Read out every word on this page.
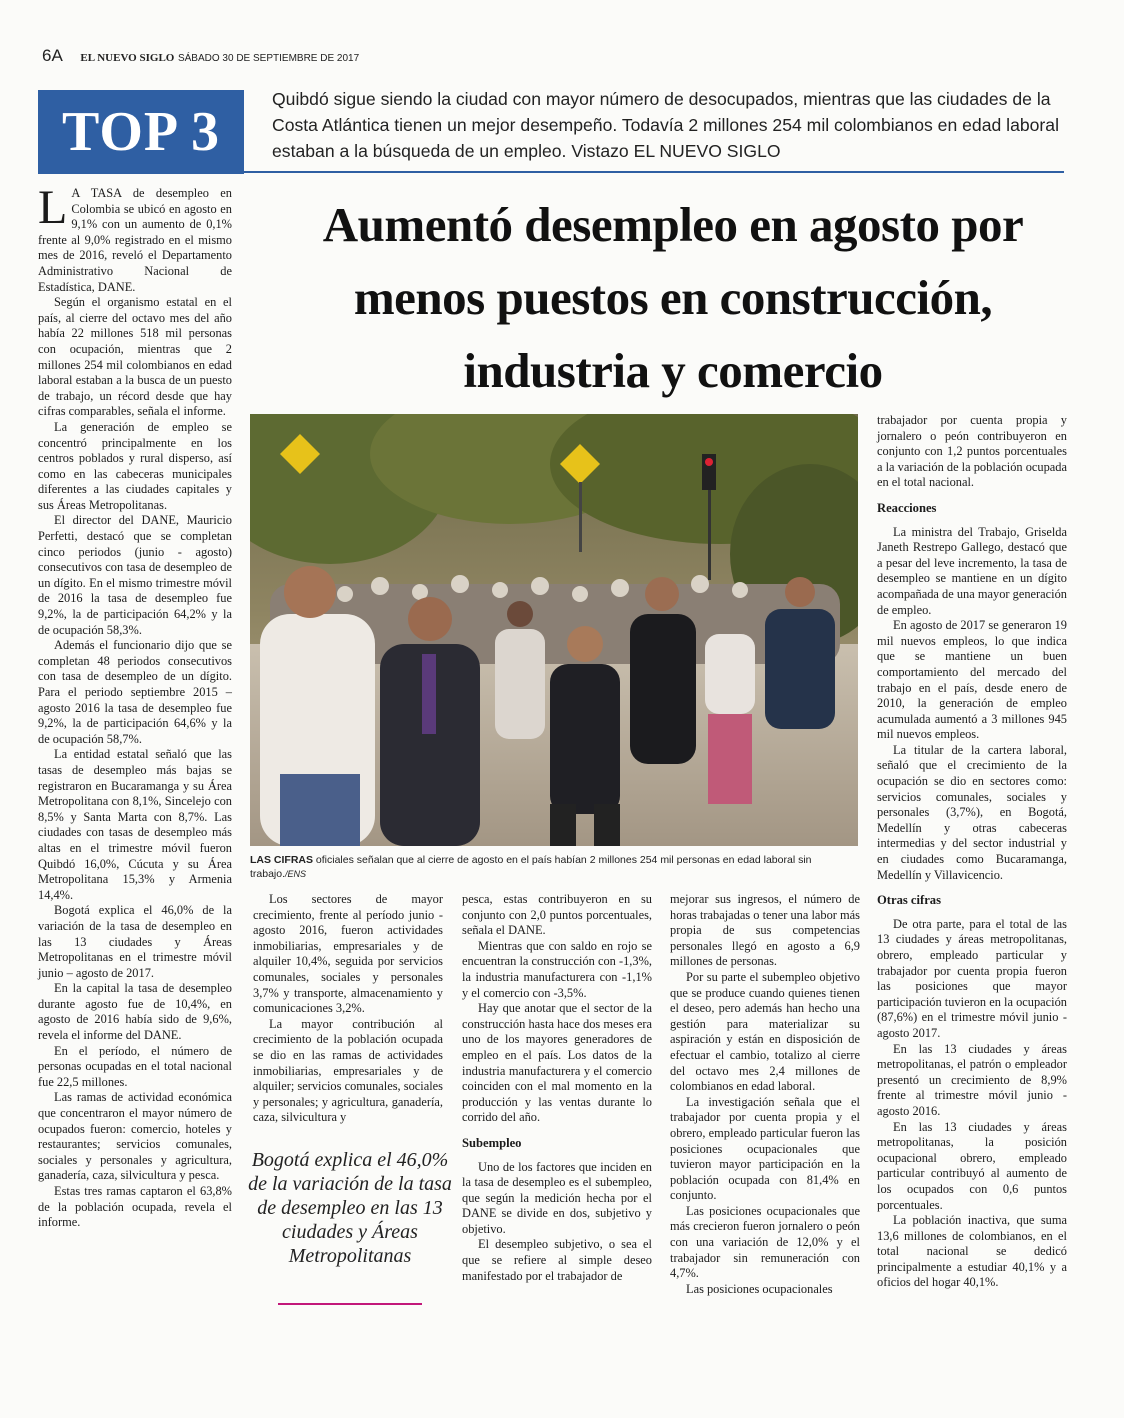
6A EL NUEVO SIGLO SÁBADO 30 DE SEPTIEMBRE DE 2017
TOP 3
Quibdó sigue siendo la ciudad con mayor número de desocupados, mientras que las ciudades de la Costa Atlántica tienen un mejor desempeño. Todavía 2 millones 254 mil colombianos en edad laboral estaban a la búsqueda de un empleo. Vistazo EL NUEVO SIGLO
Aumentó desempleo en agosto por menos puestos en construcción, industria y comercio

L A TASA de desempleo en Colombia se ubicó en agosto en 9,1% con un aumento de 0,1% frente al 9,0% registrado en el mismo mes de 2016, reveló el Departamento Administrativo Nacional de Estadística, DANE.

Según el organismo estatal en el país, al cierre del octavo mes del año había 22 millones 518 mil personas con ocupación, mientras que 2 millones 254 mil colombianos en edad laboral estaban a la busca de un puesto de trabajo, un récord desde que hay cifras comparables, señala el informe.

La generación de empleo se concentró principalmente en los centros poblados y rural disperso, así como en las cabeceras municipales diferentes a las ciudades capitales y sus Áreas Metropolitanas.

El director del DANE, Mauricio Perfetti, destacó que se completan cinco periodos (junio - agosto) consecutivos con tasa de desempleo de un dígito. En el mismo trimestre móvil de 2016 la tasa de desempleo fue 9,2%, la de participación 64,2% y la de ocupación 58,3%.

Además el funcionario dijo que se completan 48 periodos consecutivos con tasa de desempleo de un dígito. Para el periodo septiembre 2015 – agosto 2016 la tasa de desempleo fue 9,2%, la de participación 64,6% y la de ocupación 58,7%.

La entidad estatal señaló que las tasas de desempleo más bajas se registraron en Bucaramanga y su Área Metropolitana con 8,1%, Sincelejo con 8,5% y Santa Marta con 8,7%. Las ciudades con tasas de desempleo más altas en el trimestre móvil fueron Quibdó 16,0%, Cúcuta y su Área Metropolitana 15,3% y Armenia 14,4%.

Bogotá explica el 46,0% de la variación de la tasa de desempleo en las 13 ciudades y Áreas Metropolitanas en el trimestre móvil junio – agosto de 2017.

En la capital la tasa de desempleo durante agosto fue de 10,4%, en agosto de 2016 había sido de 9,6%, revela el informe del DANE.

En el período, el número de personas ocupadas en el total nacional fue 22,5 millones.

Las ramas de actividad económica que concentraron el mayor número de ocupados fueron: comercio, hoteles y restaurantes; servicios comunales, sociales y personales y agricultura, ganadería, caza, silvicultura y pesca.

Estas tres ramas captaron el 63,8% de la población ocupada, revela el informe.

LAS CIFRAS oficiales señalan que al cierre de agosto en el país habían 2 millones 254 mil personas en edad laboral sin trabajo./ENS

Los sectores de mayor crecimiento, frente al período junio - agosto 2016, fueron actividades inmobiliarias, empresariales y de alquiler 10,4%, seguida por servicios comunales, sociales y personales 3,7% y transporte, almacenamiento y comunicaciones 3,2%.

La mayor contribución al crecimiento de la población ocupada se dio en las ramas de actividades inmobiliarias, empresariales y de alquiler; servicios comunales, sociales y personales; y agricultura, ganadería, caza, silvicultura y

Bogotá explica el 46,0% de la variación de la tasa de desempleo en las 13 ciudades y Áreas Metropolitanas

pesca, estas contribuyeron en su conjunto con 2,0 puntos porcentuales, señala el DANE.

Mientras que con saldo en rojo se encuentran la construcción con -1,3%, la industria manufacturera con -1,1% y el comercio con -3,5%.

Hay que anotar que el sector de la construcción hasta hace dos meses era uno de los mayores generadores de empleo en el país. Los datos de la industria manufacturera y el comercio coinciden con el mal momento en la producción y las ventas durante lo corrido del año.

Subempleo

Uno de los factores que inciden en la tasa de desempleo es el subempleo, que según la medición hecha por el DANE se divide en dos, subjetivo y objetivo.

El desempleo subjetivo, o sea el que se refiere al simple deseo manifestado por el trabajador de

mejorar sus ingresos, el número de horas trabajadas o tener una labor más propia de sus competencias personales llegó en agosto a 6,9 millones de personas.

Por su parte el subempleo objetivo que se produce cuando quienes tienen el deseo, pero además han hecho una gestión para materializar su aspiración y están en disposición de efectuar el cambio, totalizo al cierre del octavo mes 2,4 millones de colombianos en edad laboral.

La investigación señala que el trabajador por cuenta propia y el obrero, empleado particular fueron las posiciones ocupacionales que tuvieron mayor participación en la población ocupada con 81,4% en conjunto.

Las posiciones ocupacionales que más crecieron fueron jornalero o peón con una variación de 12,0% y el trabajador sin remuneración con 4,7%.

Las posiciones ocupacionales

trabajador por cuenta propia y jornalero o peón contribuyeron en conjunto con 1,2 puntos porcentuales a la variación de la población ocupada en el total nacional.

Reacciones

La ministra del Trabajo, Griselda Janeth Restrepo Gallego, destacó que a pesar del leve incremento, la tasa de desempleo se mantiene en un dígito acompañada de una mayor generación de empleo.

En agosto de 2017 se generaron 19 mil nuevos empleos, lo que indica que se mantiene un buen comportamiento del mercado del trabajo en el país, desde enero de 2010, la generación de empleo acumulada aumentó a 3 millones 945 mil nuevos empleos.

La titular de la cartera laboral, señaló que el crecimiento de la ocupación se dio en sectores como: servicios comunales, sociales y personales (3,7%), en Bogotá, Medellín y otras cabeceras intermedias y del sector industrial y en ciudades como Bucaramanga, Medellín y Villavicencio.

Otras cifras

De otra parte, para el total de las 13 ciudades y áreas metropolitanas, obrero, empleado particular y trabajador por cuenta propia fueron las posiciones que mayor participación tuvieron en la ocupación (87,6%) en el trimestre móvil junio - agosto 2017.

En las 13 ciudades y áreas metropolitanas, el patrón o empleador presentó un crecimiento de 8,9% frente al trimestre móvil junio - agosto 2016.

En las 13 ciudades y áreas metropolitanas, la posición ocupacional obrero, empleado particular contribuyó al aumento de los ocupados con 0,6 puntos porcentuales.

La población inactiva, que suma 13,6 millones de colombianos, en el total nacional se dedicó principalmente a estudiar 40,1% y a oficios del hogar 40,1%.
